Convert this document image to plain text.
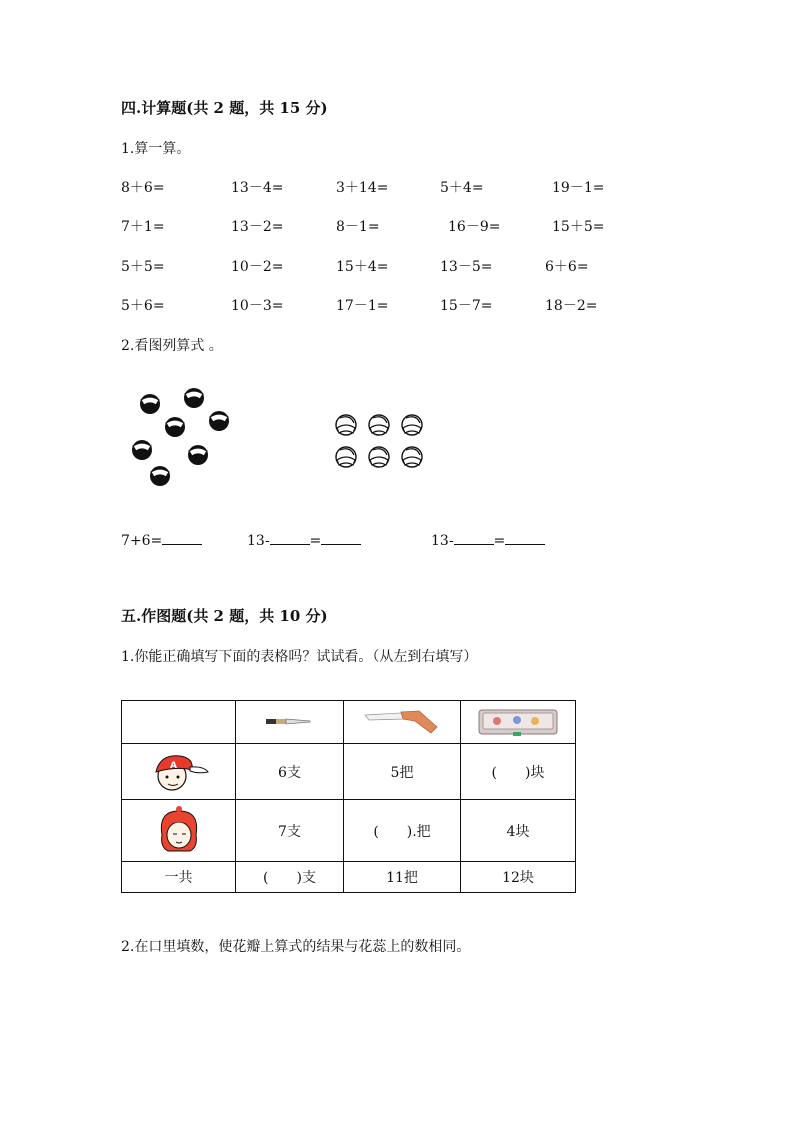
四.计算题(共 2 题，共 15 分)
1.算一算。
8＋6=	13－4=	3＋14=	5＋4=	19－1=
7＋1=	13－2=	8－1=	16－9=	15＋5=
5＋5=	10－2=	15＋4=	13－5=	6＋6=
5＋6=	10－3=	17－1=	15－7=	18－2=
2.看图列算式 。
7+6=	13-	=	13-	=
五.作图题(共 2 题，共 10 分)
1.你能正确填写下面的表格吗？试试看。（从左到右填写）

A	6支	5把	(　　)块

	7支	(　　).把	4块
一共	(　　)支	11把	12块
2.在口里填数，使花瓣上算式的结果与花蕊上的数相同。
